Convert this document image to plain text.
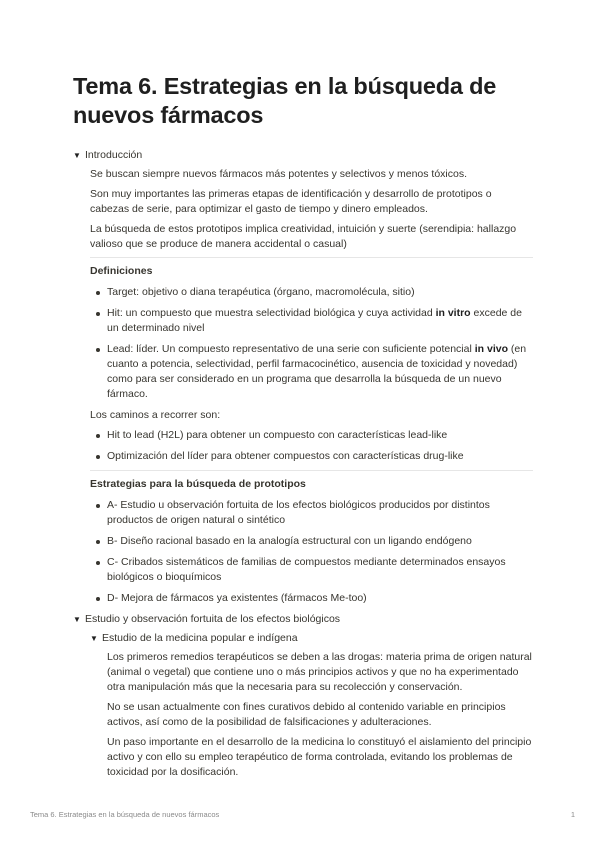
Tema 6. Estrategias en la búsqueda de nuevos fármacos
▼ Introducción

Se buscan siempre nuevos fármacos más potentes y selectivos y menos tóxicos.

Son muy importantes las primeras etapas de identificación y desarrollo de prototipos o cabezas de serie, para optimizar el gasto de tiempo y dinero empleados.

La búsqueda de estos prototipos implica creatividad, intuición y suerte (serendipia: hallazgo valioso que se produce de manera accidental o casual)

Definiciones
Target: objetivo o diana terapéutica (órgano, macromolécula, sitio)
Hit: un compuesto que muestra selectividad biológica y cuya actividad in vitro excede de un determinado nivel
Lead: líder. Un compuesto representativo de una serie con suficiente potencial in vivo (en cuanto a potencia, selectividad, perfil farmacocinético, ausencia de toxicidad y novedad) como para ser considerado en un programa que desarrolla la búsqueda de un nuevo fármaco.

Los caminos a recorrer son:

Hit to lead (H2L) para obtener un compuesto con características lead-like
Optimización del líder para obtener compuestos con características drug-like
Estrategias para la búsqueda de prototipos
A- Estudio u observación fortuita de los efectos biológicos producidos por distintos productos de origen natural o sintético
B- Diseño racional basado en la analogía estructural con un ligando endógeno
C- Cribados sistemáticos de familias de compuestos mediante determinados ensayos biológicos o bioquímicos
D- Mejora de fármacos ya existentes (fármacos Me-too)
▼ Estudio y observación fortuita de los efectos biológicos
▼ Estudio de la medicina popular e indígena

Los primeros remedios terapéuticos se deben a las drogas: materia prima de origen natural (animal o vegetal) que contiene uno o más principios activos y que no ha experimentado otra manipulación más que la necesaria para su recolección y conservación.

No se usan actualmente con fines curativos debido al contenido variable en principios activos, así como de la posibilidad de falsificaciones y adulteraciones.

Un paso importante en el desarrollo de la medicina lo constituyó el aislamiento del principio activo y con ello su empleo terapéutico de forma controlada, evitando los problemas de toxicidad por la dosificación.

Tema 6. Estrategias en la búsqueda de nuevos fármacos	1
